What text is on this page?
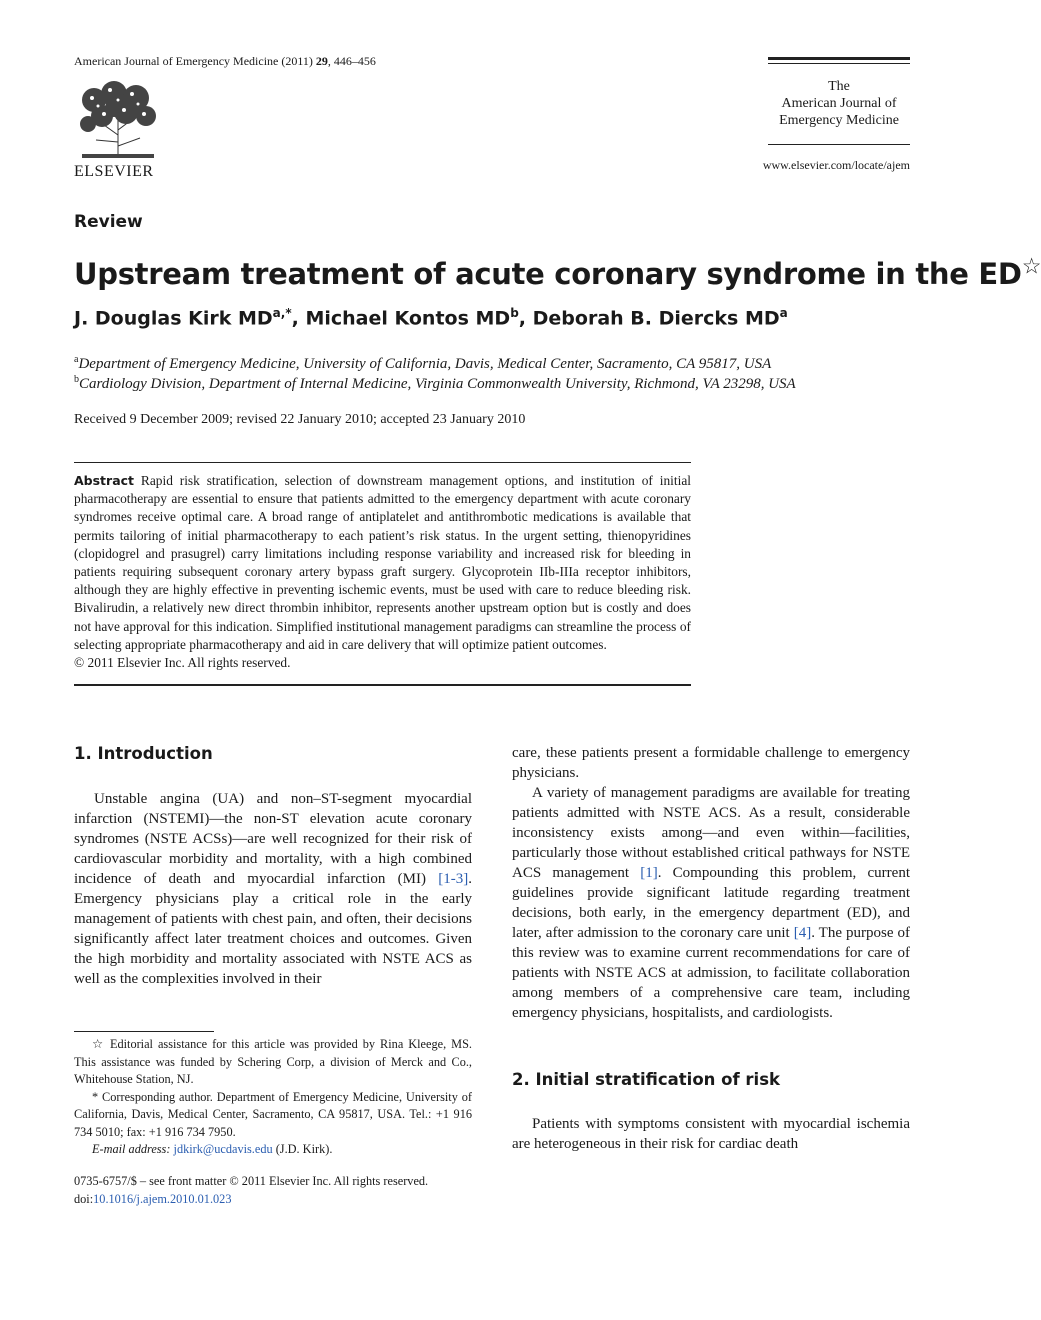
American Journal of Emergency Medicine (2011) 29, 446–456
ELSEVIER
The
American Journal of
Emergency Medicine
www.elsevier.com/locate/ajem
Review
Upstream treatment of acute coronary syndrome in the ED☆
J. Douglas Kirk $MD^{a,*}$, Michael Kontos $MD^b$, Deborah B. Diercks $MD^a$
$^a$Department of Emergency Medicine, University of California, Davis, Medical Center, Sacramento, CA 95817, USA
$^b$Cardiology Division, Department of Internal Medicine, Virginia Commonwealth University, Richmond, VA 23298, USA
Received 9 December 2009; revised 22 January 2010; accepted 23 January 2010

Abstract Rapid risk stratification, selection of downstream management options, and institution of initial pharmacotherapy are essential to ensure that patients admitted to the emergency department with acute coronary syndromes receive optimal care. A broad range of antiplatelet and antithrombotic medications is available that permits tailoring of initial pharmacotherapy to each patient’s risk status. In the urgent setting, thienopyridines (clopidogrel and prasugrel) carry limitations including response variability and increased risk for bleeding in patients requiring subsequent coronary artery bypass graft surgery. Glycoprotein IIb-IIIa receptor inhibitors, although they are highly effective in preventing ischemic events, must be used with care to reduce bleeding risk. Bivalirudin, a relatively new direct thrombin inhibitor, represents another upstream option but is costly and does not have approval for this indication. Simplified institutional management paradigms can streamline the process of selecting appropriate pharmacotherapy and aid in care delivery that will optimize patient outcomes.

© 2011 Elsevier Inc. All rights reserved.

1. Introduction

Unstable angina (UA) and non–ST-segment myocardial infarction (NSTEMI)—the non-ST elevation acute coronary syndromes (NSTE ACSs)—are well recognized for their risk of cardiovascular morbidity and mortality, with a high combined incidence of death and myocardial infarction (MI) [1-3]. Emergency physicians play a critical role in the early management of patients with chest pain, and often, their decisions significantly affect later treatment choices and outcomes. Given the high morbidity and mortality associated with NSTE ACS as well as the complexities involved in their

☆ Editorial assistance for this article was provided by Rina Kleege, MS. This assistance was funded by Schering Corp, a division of Merck and Co., Whitehouse Station, NJ.

* Corresponding author. Department of Emergency Medicine, University of California, Davis, Medical Center, Sacramento, CA 95817, USA. Tel.: +1 916 734 5010; fax: +1 916 734 7950.

E-mail address: jdkirk@ucdavis.edu (J.D. Kirk).

0735-6757/$ – see front matter © 2011 Elsevier Inc. All rights reserved.
doi:10.1016/j.ajem.2010.01.023

care, these patients present a formidable challenge to emergency physicians.

A variety of management paradigms are available for treating patients admitted with NSTE ACS. As a result, considerable inconsistency exists among—and even within—facilities, particularly those without established critical pathways for NSTE ACS management [1]. Compounding this problem, current guidelines provide significant latitude regarding treatment decisions, both early, in the emergency department (ED), and later, after admission to the coronary care unit [4]. The purpose of this review was to examine current recommendations for care of patients with NSTE ACS at admission, to facilitate collaboration among members of a comprehensive care team, including emergency physicians, hospitalists, and cardiologists.

2. Initial stratification of risk

Patients with symptoms consistent with myocardial ischemia are heterogeneous in their risk for cardiac death
